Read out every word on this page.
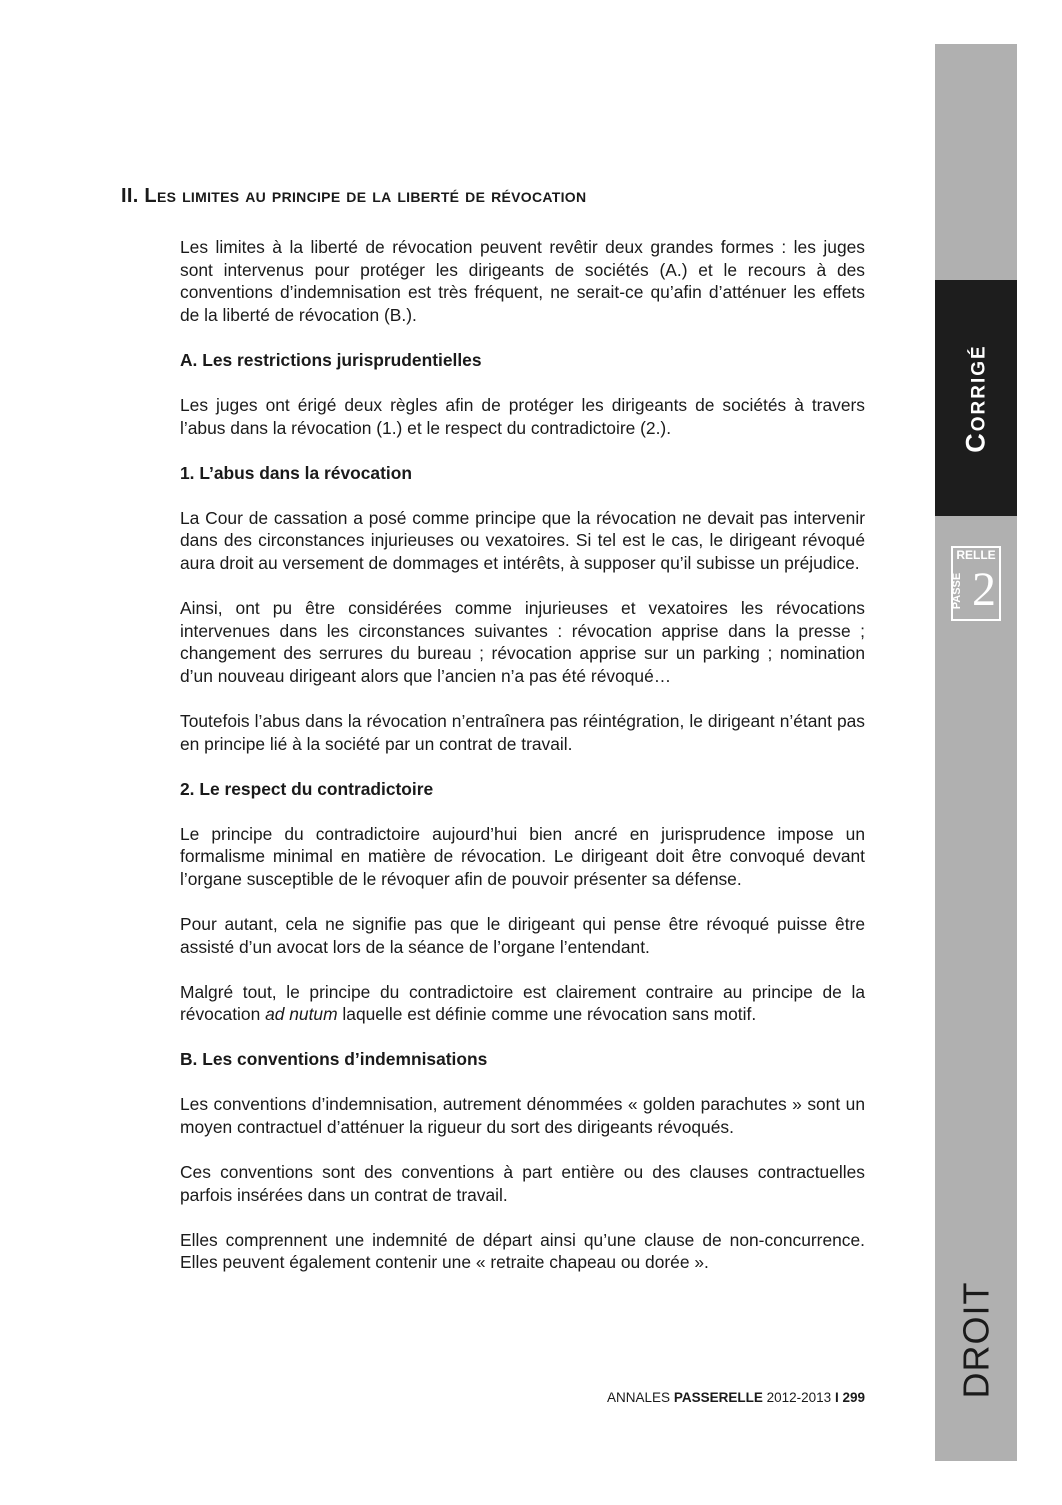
II. Les limites au principe de la liberté de révocation

Les limites à la liberté de révocation peuvent revêtir deux grandes formes : les juges sont intervenus pour protéger les dirigeants de sociétés (A.) et le recours à des conventions d’indemnisation est très fréquent, ne serait-ce qu’afin d’atténuer les effets de la liberté de révocation (B.).

A. Les restrictions jurisprudentielles

Les juges ont érigé deux règles afin de protéger les dirigeants de sociétés à travers l’abus dans la révocation (1.) et le respect du contradictoire (2.).

1. L’abus dans la révocation

La Cour de cassation a posé comme principe que la révocation ne devait pas intervenir dans des circonstances injurieuses ou vexatoires. Si tel est le cas, le dirigeant révoqué aura droit au versement de dommages et intérêts, à supposer qu’il subisse un préjudice.

Ainsi, ont pu être considérées comme injurieuses et vexatoires les révocations intervenues dans les circonstances suivantes : révocation apprise dans la presse ; changement des serrures du bureau ; révocation apprise sur un parking ; nomination d’un nouveau dirigeant alors que l’ancien n’a pas été révoqué…

Toutefois l’abus dans la révocation n’entraînera pas réintégration, le dirigeant n’étant pas en principe lié à la société par un contrat de travail.

2. Le respect du contradictoire

Le principe du contradictoire aujourd’hui bien ancré en jurisprudence impose un formalisme minimal en matière de révocation. Le dirigeant doit être convoqué devant l’organe susceptible de le révoquer afin de pouvoir présenter sa défense.

Pour autant, cela ne signifie pas que le dirigeant qui pense être révoqué puisse être assisté d’un avocat lors de la séance de l’organe l’entendant.

Malgré tout, le principe du contradictoire est clairement contraire au principe de la révocation ad nutum laquelle est définie comme une révocation sans motif.

B. Les conventions d’indemnisations

Les conventions d’indemnisation, autrement dénommées « golden parachutes » sont un moyen contractuel d’atténuer la rigueur du sort des dirigeants révoqués.

Ces conventions sont des conventions à part entière ou des clauses contractuelles parfois insérées dans un contrat de travail.

Elles comprennent une indemnité de départ ainsi qu’une clause de non-concurrence. Elles peuvent également contenir une « retraite chapeau ou dorée ».

Corrigé
RELLE
PASSE 2
DROIT
ANNALES PASSERELLE 2012-2013 I 299
